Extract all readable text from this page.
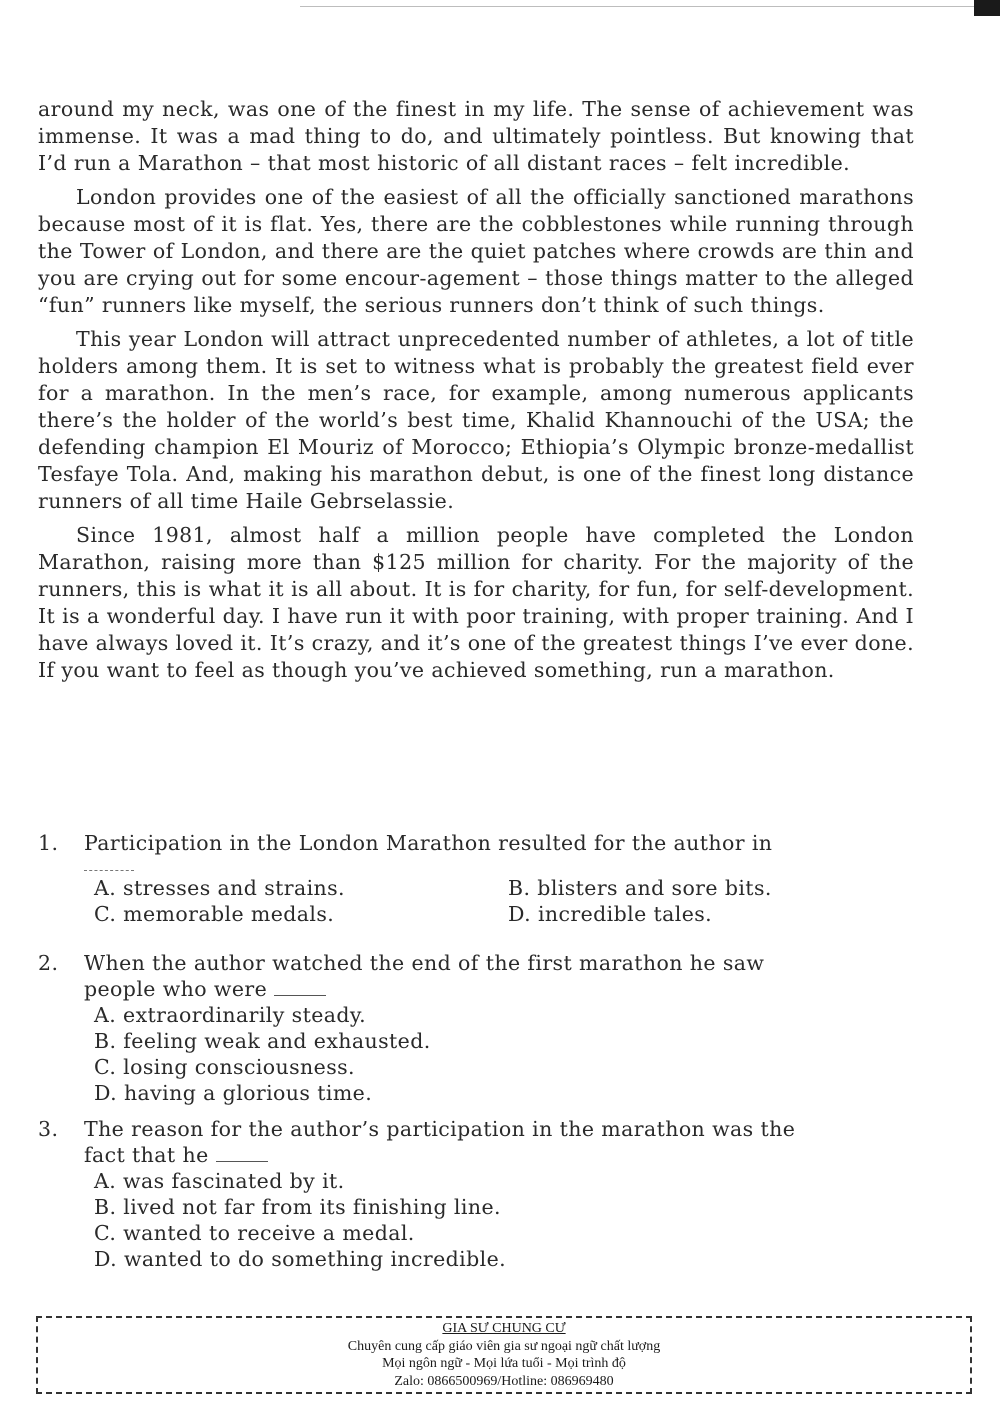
around my neck, was one of the finest in my life. The sense of achievement was immense. It was a mad thing to do, and ultimately pointless. But knowing that I’d run a Marathon – that most historic of all distant races – felt incredible.

London provides one of the easiest of all the officially sanctioned marathons because most of it is flat. Yes, there are the cobblestones while running through the Tower of London, and there are the quiet patches where crowds are thin and you are crying out for some encour-agement – those things matter to the alleged “fun” runners like myself, the serious runners don’t think of such things.

This year London will attract unprecedented number of athletes, a lot of title holders among them. It is set to witness what is probably the greatest field ever for a marathon. In the men’s race, for example, among numerous applicants there’s the holder of the world’s best time, Khalid Khannouchi of the USA; the defending champion El Mouriz of Morocco; Ethiopia’s Olympic bronze-medallist Tesfaye Tola. And, making his marathon debut, is one of the finest long distance runners of all time Haile Gebrselassie.

Since 1981, almost half a million people have completed the London Marathon, raising more than $125 million for charity. For the majority of the runners, this is what it is all about. It is for charity, for fun, for self-development. It is a wonderful day. I have run it with poor training, with proper training. And I have always loved it. It’s crazy, and it’s one of the greatest things I’ve ever done. If you want to feel as though you’ve achieved something, run a marathon.

1. Participation in the London Marathon resulted for the author in
A. stresses and strains.	B. blisters and sore bits.
C. memorable medals.	D. incredible tales.
2. When the author watched the end of the first marathon he saw
people who were
A. extraordinarily steady.
B. feeling weak and exhausted.
C. losing consciousness.
D. having a glorious time.
3. The reason for the author’s participation in the marathon was the
fact that he
A. was fascinated by it.
B. lived not far from its finishing line.
C. wanted to receive a medal.
D. wanted to do something incredible.
GIA SƯ CHUNG CƯ
Chuyên cung cấp giáo viên gia sư ngoại ngữ chất lượng
Mọi ngôn ngữ - Mọi lứa tuổi - Mọi trình độ
Zalo: 0866500969/Hotline: 086969480
